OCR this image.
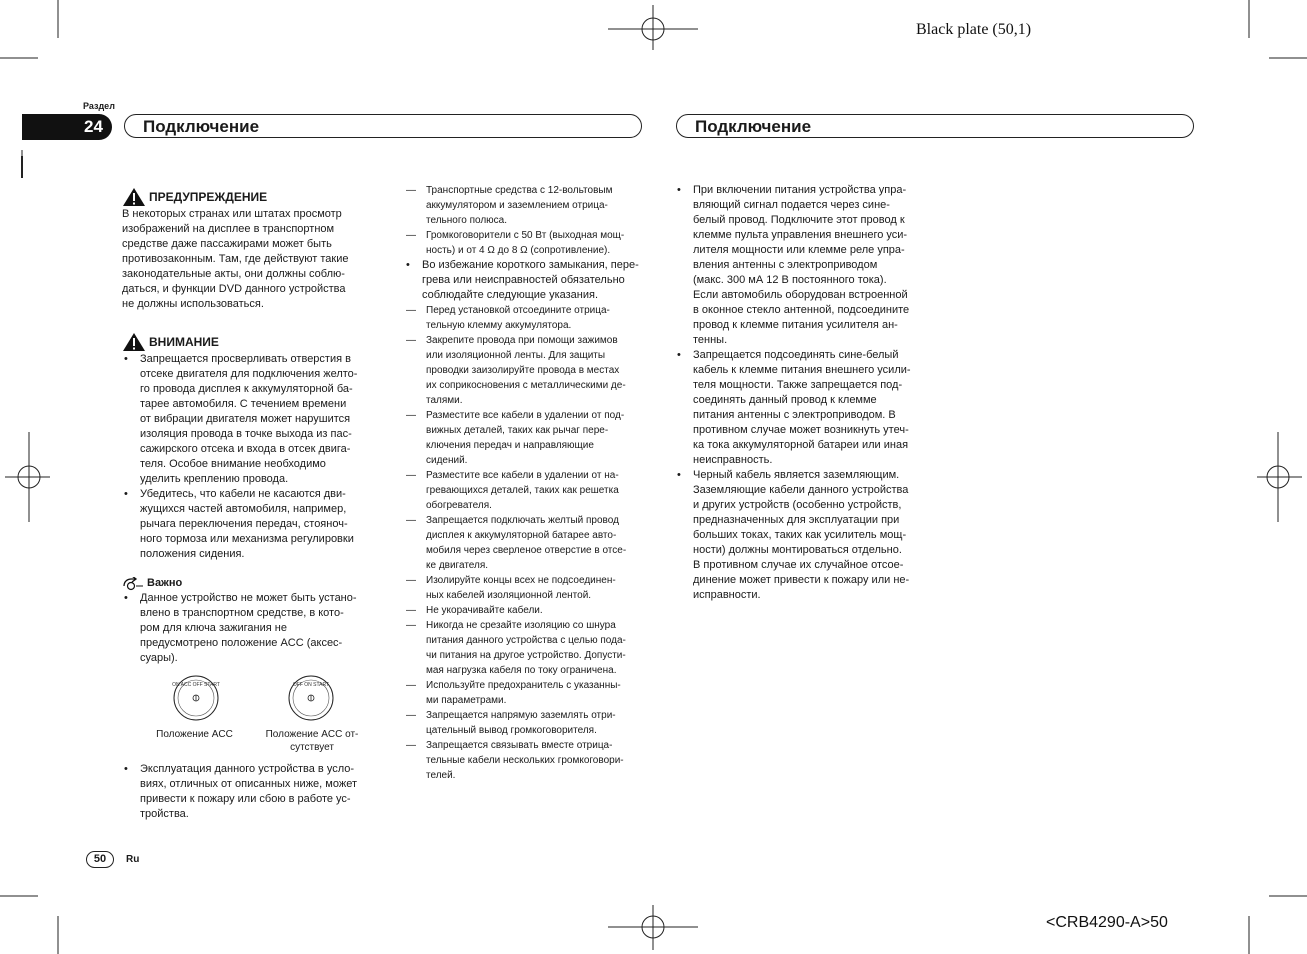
Black plate (50,1)
<CRB4290-A>50
Раздел
24	Подключение	Подключение
ПРЕДУПРЕЖДЕНИЕ

В некоторых странах или штатах просмотр

изображений на дисплее в транспортном

средстве даже пассажирами может быть

противозаконным. Там, где действуют такие

законодательные акты, они должны соблю-

даться, и функции DVD данного устройства

не должны использоваться.

ВНИМАНИЕ

• Запрещается просверливать отверстия в

отсеке двигателя для подключения желто-

го провода дисплея к аккумуляторной ба-

тарее автомобиля. С течением времени

от вибрации двигателя может нарушится

изоляция провода в точке выхода из пас-

сажирского отсека и входа в отсек двига-

теля. Особое внимание необходимо

уделить креплению провода.

• Убедитесь, что кабели не касаются дви-

жущихся частей автомобиля, например,

рычага переключения передач, стояноч-

ного тормоза или механизма регулировки

положения сидения.

Важно

• Данное устройство не может быть устано-

влено в транспортном средстве, в кото-

ром для ключа зажигания не

предусмотрено положение ACC (аксес-

суары).

ON ACC OFF START	OFF ON START
Положение ACC	Положение ACC от-

сутствует

• Эксплуатация данного устройства в усло-

виях, отличных от описанных ниже, может

привести к пожару или сбою в работе ус-

тройства.

— Транспортные средства с 12-вольтовым

аккумулятором и заземлением отрица-

тельного полюса.

— Громкоговорители с 50 Вт (выходная мощ-

ность) и от 4 Ω до 8 Ω (сопротивление).

• Во избежание короткого замыкания, пере-

грева или неисправностей обязательно

соблюдайте следующие указания.

— Перед установкой отсоедините отрица-

тельную клемму аккумулятора.

— Закрепите провода при помощи зажимов

или изоляционной ленты. Для защиты

проводки заизолируйте провода в местах

их соприкосновения с металлическими де-

талями.

— Разместите все кабели в удалении от под-

вижных деталей, таких как рычаг пере-

ключения передач и направляющие

сидений.

— Разместите все кабели в удалении от на-

гревающихся деталей, таких как решетка

обогревателя.

— Запрещается подключать желтый провод

дисплея к аккумуляторной батарее авто-

мобиля через сверленое отверстие в отсе-

ке двигателя.

— Изолируйте концы всех не подсоединен-

ных кабелей изоляционной лентой.

— Не укорачивайте кабели.

— Никогда не срезайте изоляцию со шнура

питания данного устройства с целью пода-

чи питания на другое устройство. Допусти-

мая нагрузка кабеля по току ограничена.

— Используйте предохранитель с указанны-

ми параметрами.

— Запрещается напрямую заземлять отри-

цательный вывод громкоговорителя.

— Запрещается связывать вместе отрица-

тельные кабели нескольких громкоговори-

телей.

• При включении питания устройства упра-

вляющий сигнал подается через сине-

белый провод. Подключите этот провод к

клемме пульта управления внешнего уси-

лителя мощности или клемме реле упра-

вления антенны с электроприводом

(макс. 300 мА 12 В постоянного тока).

Если автомобиль оборудован встроенной

в оконное стекло антенной, подсоедините

провод к клемме питания усилителя ан-

тенны.

• Запрещается подсоединять сине-белый

кабель к клемме питания внешнего усили-

теля мощности. Также запрещается под-

соединять данный провод к клемме

питания антенны с электроприводом. В

противном случае может возникнуть утеч-

ка тока аккумуляторной батареи или иная

неисправность.

• Черный кабель является заземляющим.

Заземляющие кабели данного устройства

и других устройств (особенно устройств,

предназначенных для эксплуатации при

больших токах, таких как усилитель мощ-

ности) должны монтироваться отдельно.

В противном случае их случайное отсое-

динение может привести к пожару или не-

исправности.

50	Ru
